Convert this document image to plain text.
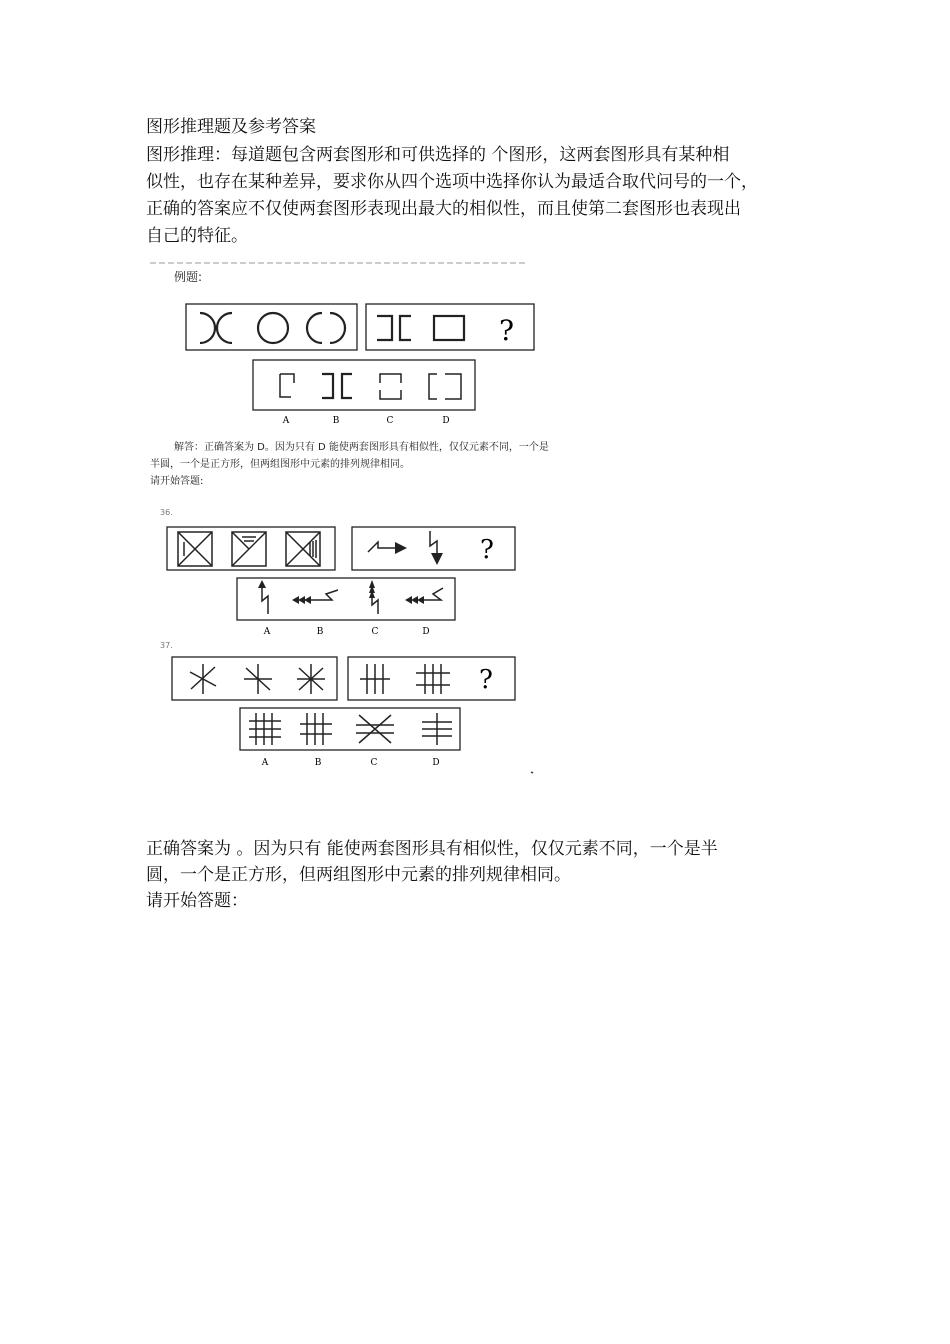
图形推理题及参考答案
图形推理：每道题包含两套图形和可供选择的 个图形，这两套图形具有某种相
似性，也存在某种差异，要求你从四个选项中选择你认为最适合取代问号的一个，
正确的答案应不仅使两套图形表现出最大的相似性，而且使第二套图形也表现出
自己的特征。
例题:
?
A	B	C	D
解答：正确答案为 D。因为只有 D 能使两套图形具有相似性，仅仅元素不同，一个是
半圆，一个是正方形，但两组图形中元素的排列规律相同。
请开始答题:
36.
?
A	B	C	D
37.
?
A	B	C	D
正确答案为 。因为只有 能使两套图形具有相似性，仅仅元素不同，一个是半
圆，一个是正方形，但两组图形中元素的排列规律相同。
请开始答题：
